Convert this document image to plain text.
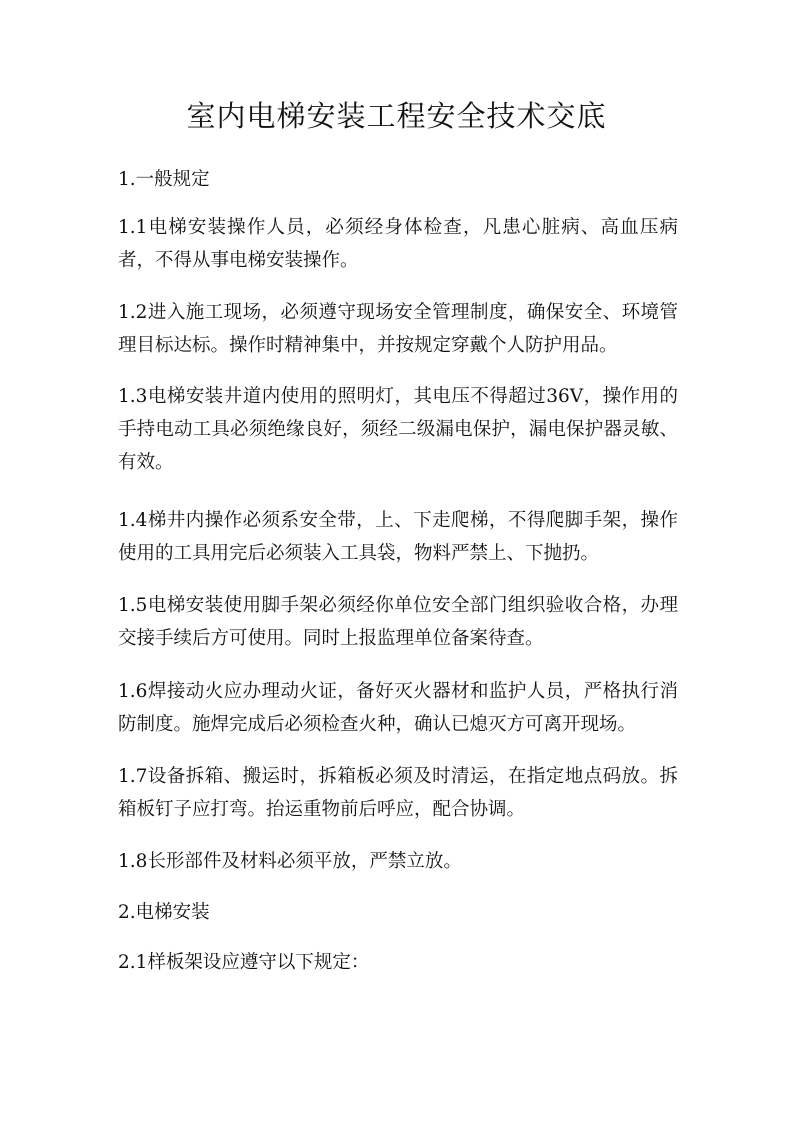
室内电梯安装工程安全技术交底

1.一般规定

1.1电梯安装操作人员，必须经身体检查，凡患心脏病、高血压病者，不得从事电梯安装操作。

1.2进入施工现场，必须遵守现场安全管理制度，确保安全、环境管理目标达标。操作时精神集中，并按规定穿戴个人防护用品。

1.3电梯安装井道内使用的照明灯，其电压不得超过36V，操作用的手持电动工具必须绝缘良好，须经二级漏电保护，漏电保护器灵敏、有效。

1.4梯井内操作必须系安全带，上、下走爬梯，不得爬脚手架，操作使用的工具用完后必须装入工具袋，物料严禁上、下抛扔。

1.5电梯安装使用脚手架必须经你单位安全部门组织验收合格，办理交接手续后方可使用。同时上报监理单位备案待查。

1.6焊接动火应办理动火证，备好灭火器材和监护人员，严格执行消防制度。施焊完成后必须检查火种，确认已熄灭方可离开现场。

1.7设备拆箱、搬运时，拆箱板必须及时清运，在指定地点码放。拆箱板钉子应打弯。抬运重物前后呼应，配合协调。

1.8长形部件及材料必须平放，严禁立放。

2.电梯安装

2.1样板架设应遵守以下规定：
